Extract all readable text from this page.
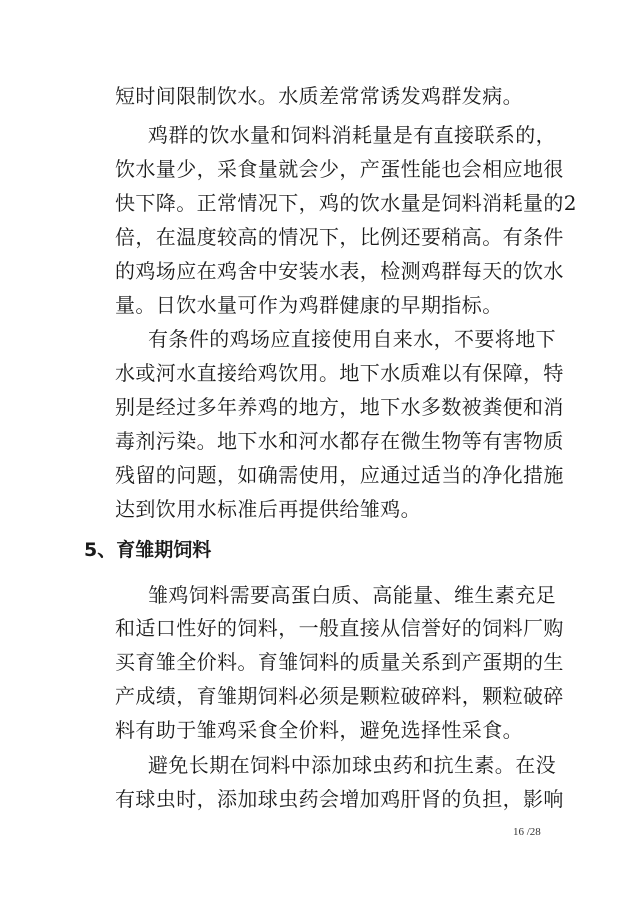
短时间限制饮水。水质差常常诱发鸡群发病。
鸡群的饮水量和饲料消耗量是有直接联系的，
饮水量少，采食量就会少，产蛋性能也会相应地很
快下降。正常情况下，鸡的饮水量是饲料消耗量的2
倍，在温度较高的情况下，比例还要稍高。有条件
的鸡场应在鸡舍中安装水表，检测鸡群每天的饮水
量。日饮水量可作为鸡群健康的早期指标。
有条件的鸡场应直接使用自来水，不要将地下
水或河水直接给鸡饮用。地下水质难以有保障，特
别是经过多年养鸡的地方，地下水多数被粪便和消
毒剂污染。地下水和河水都存在微生物等有害物质
残留的问题，如确需使用，应通过适当的净化措施
达到饮用水标准后再提供给雏鸡。
5、育雏期饲料
雏鸡饲料需要高蛋白质、高能量、维生素充足
和适口性好的饲料，一般直接从信誉好的饲料厂购
买育雏全价料。育雏饲料的质量关系到产蛋期的生
产成绩，育雏期饲料必须是颗粒破碎料，颗粒破碎
料有助于雏鸡采食全价料，避免选择性采食。
避免长期在饲料中添加球虫药和抗生素。在没
有球虫时，添加球虫药会增加鸡肝肾的负担，影响
16 /28
